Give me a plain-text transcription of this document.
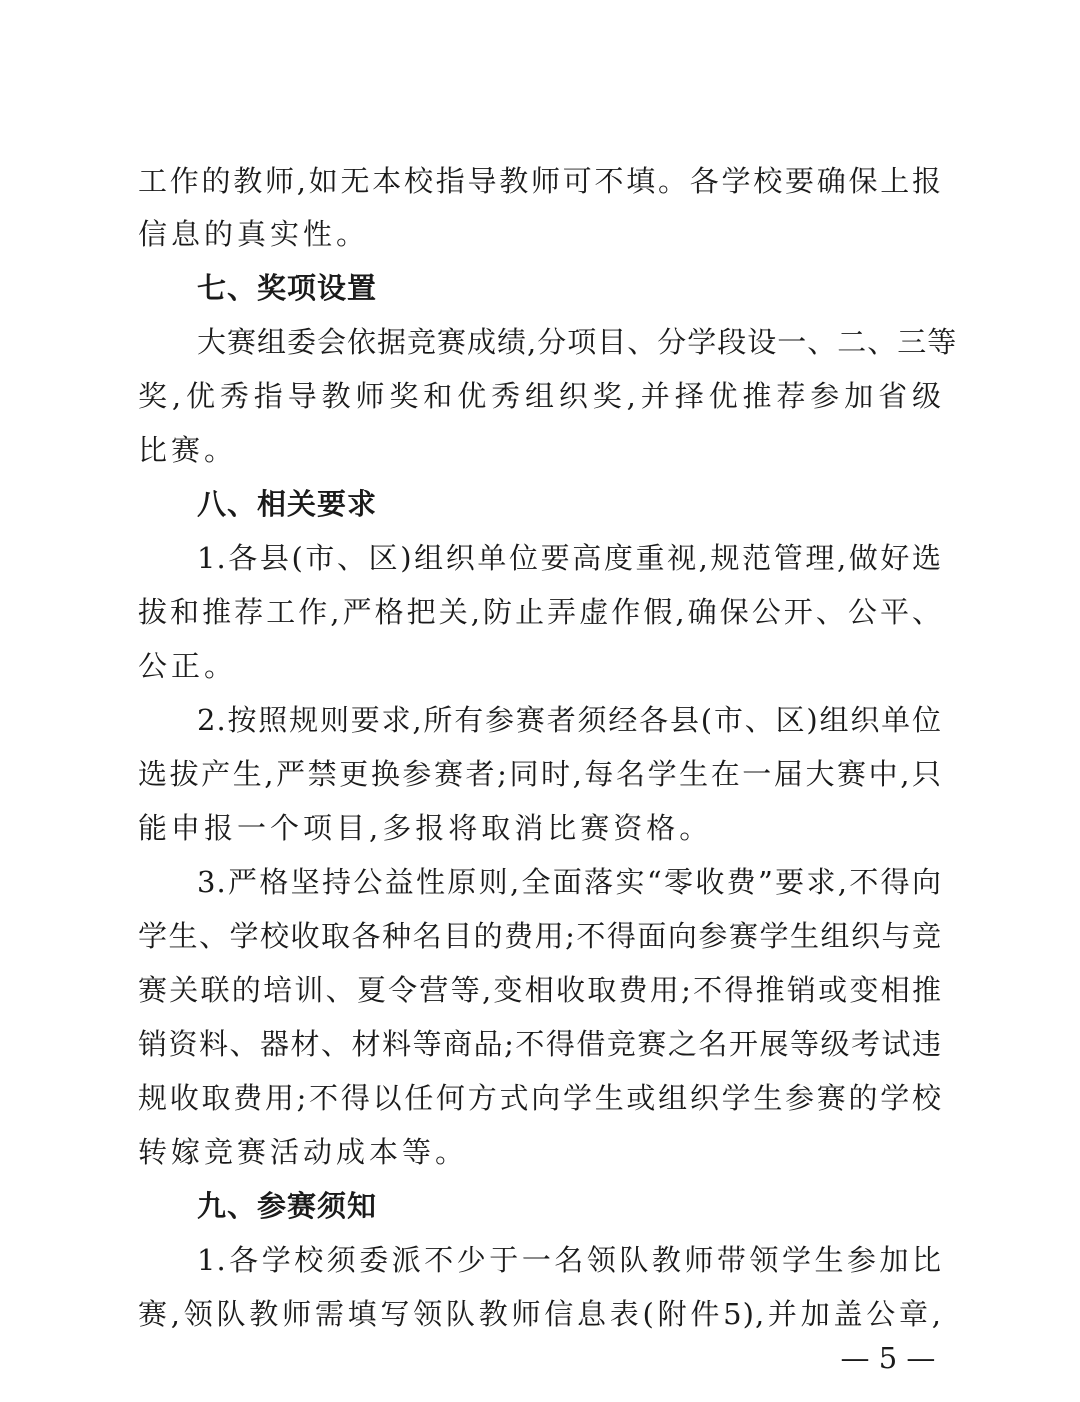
工作的教师,如无本校指导教师可不填。各学校要确保上报
信息的真实性。
七、奖项设置
大赛组委会依据竞赛成绩,分项目、分学段设一、二、三等
奖,优秀指导教师奖和优秀组织奖,并择优推荐参加省级
比赛。
八、相关要求
1.各县(市、区)组织单位要高度重视,规范管理,做好选
拔和推荐工作,严格把关,防止弄虚作假,确保公开、公平、
公正。
2.按照规则要求,所有参赛者须经各县(市、区)组织单位
选拔产生,严禁更换参赛者;同时,每名学生在一届大赛中,只
能申报一个项目,多报将取消比赛资格。
3.严格坚持公益性原则,全面落实“零收费”要求,不得向
学生、学校收取各种名目的费用;不得面向参赛学生组织与竞
赛关联的培训、夏令营等,变相收取费用;不得推销或变相推
销资料、器材、材料等商品;不得借竞赛之名开展等级考试违
规收取费用;不得以任何方式向学生或组织学生参赛的学校
转嫁竞赛活动成本等。
九、参赛须知
1.各学校须委派不少于一名领队教师带领学生参加比
赛,领队教师需填写领队教师信息表(附件5),并加盖公章,
— 5 —
